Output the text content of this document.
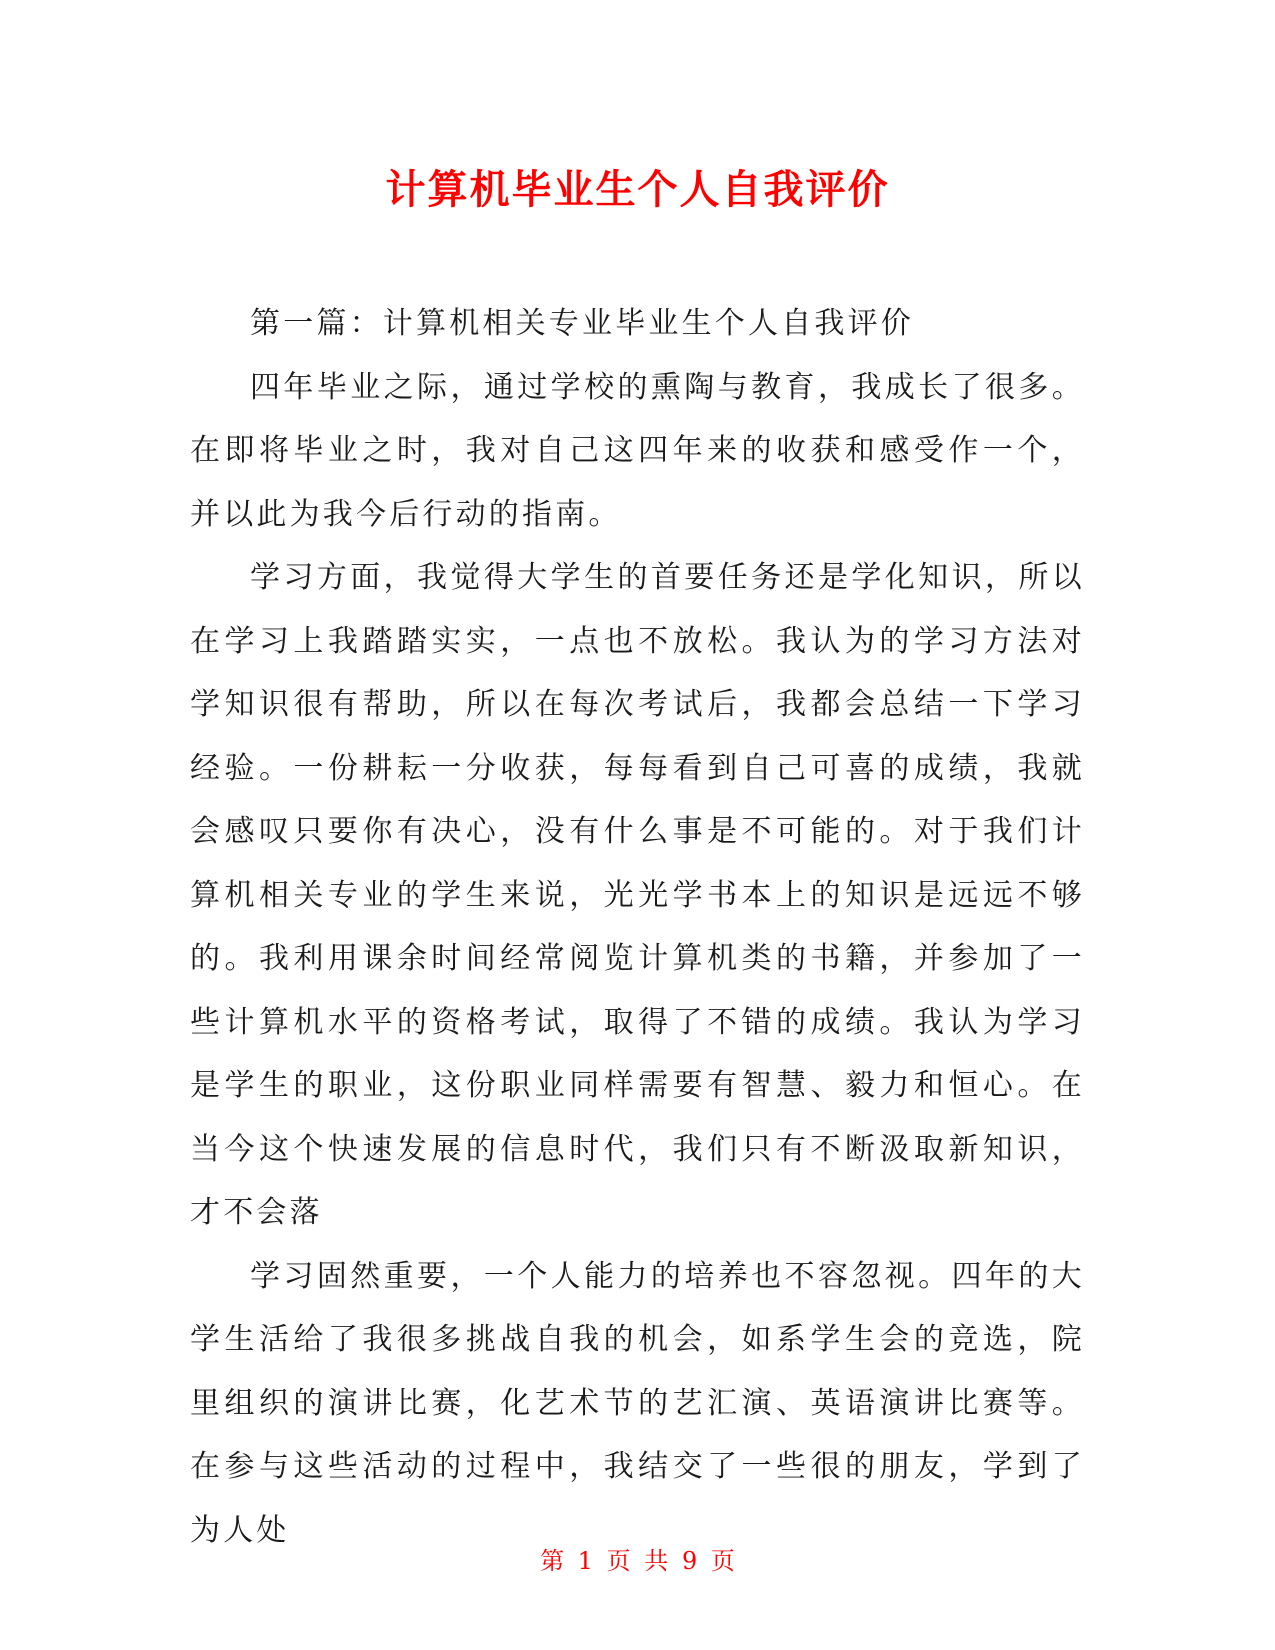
计算机毕业生个人自我评价

第一篇：计算机相关专业毕业生个人自我评价

四年毕业之际，通过学校的熏陶与教育，我成长了很多。在即将毕业之时，我对自己这四年来的收获和感受作一个，并以此为我今后行动的指南。

学习方面，我觉得大学生的首要任务还是学化知识，所以在学习上我踏踏实实，一点也不放松。我认为的学习方法对学知识很有帮助，所以在每次考试后，我都会总结一下学习经验。一份耕耘一分收获，每每看到自己可喜的成绩，我就会感叹只要你有决心，没有什么事是不可能的。对于我们计算机相关专业的学生来说，光光学书本上的知识是远远不够的。我利用课余时间经常阅览计算机类的书籍，并参加了一些计算机水平的资格考试，取得了不错的成绩。我认为学习是学生的职业，这份职业同样需要有智慧、毅力和恒心。在当今这个快速发展的信息时代，我们只有不断汲取新知识，才不会落

学习固然重要，一个人能力的培养也不容忽视。四年的大学生活给了我很多挑战自我的机会，如系学生会的竞选，院里组织的演讲比赛，化艺术节的艺汇演、英语演讲比赛等。在参与这些活动的过程中，我结交了一些很的朋友，学到了为人处

第 1 页 共 9 页
